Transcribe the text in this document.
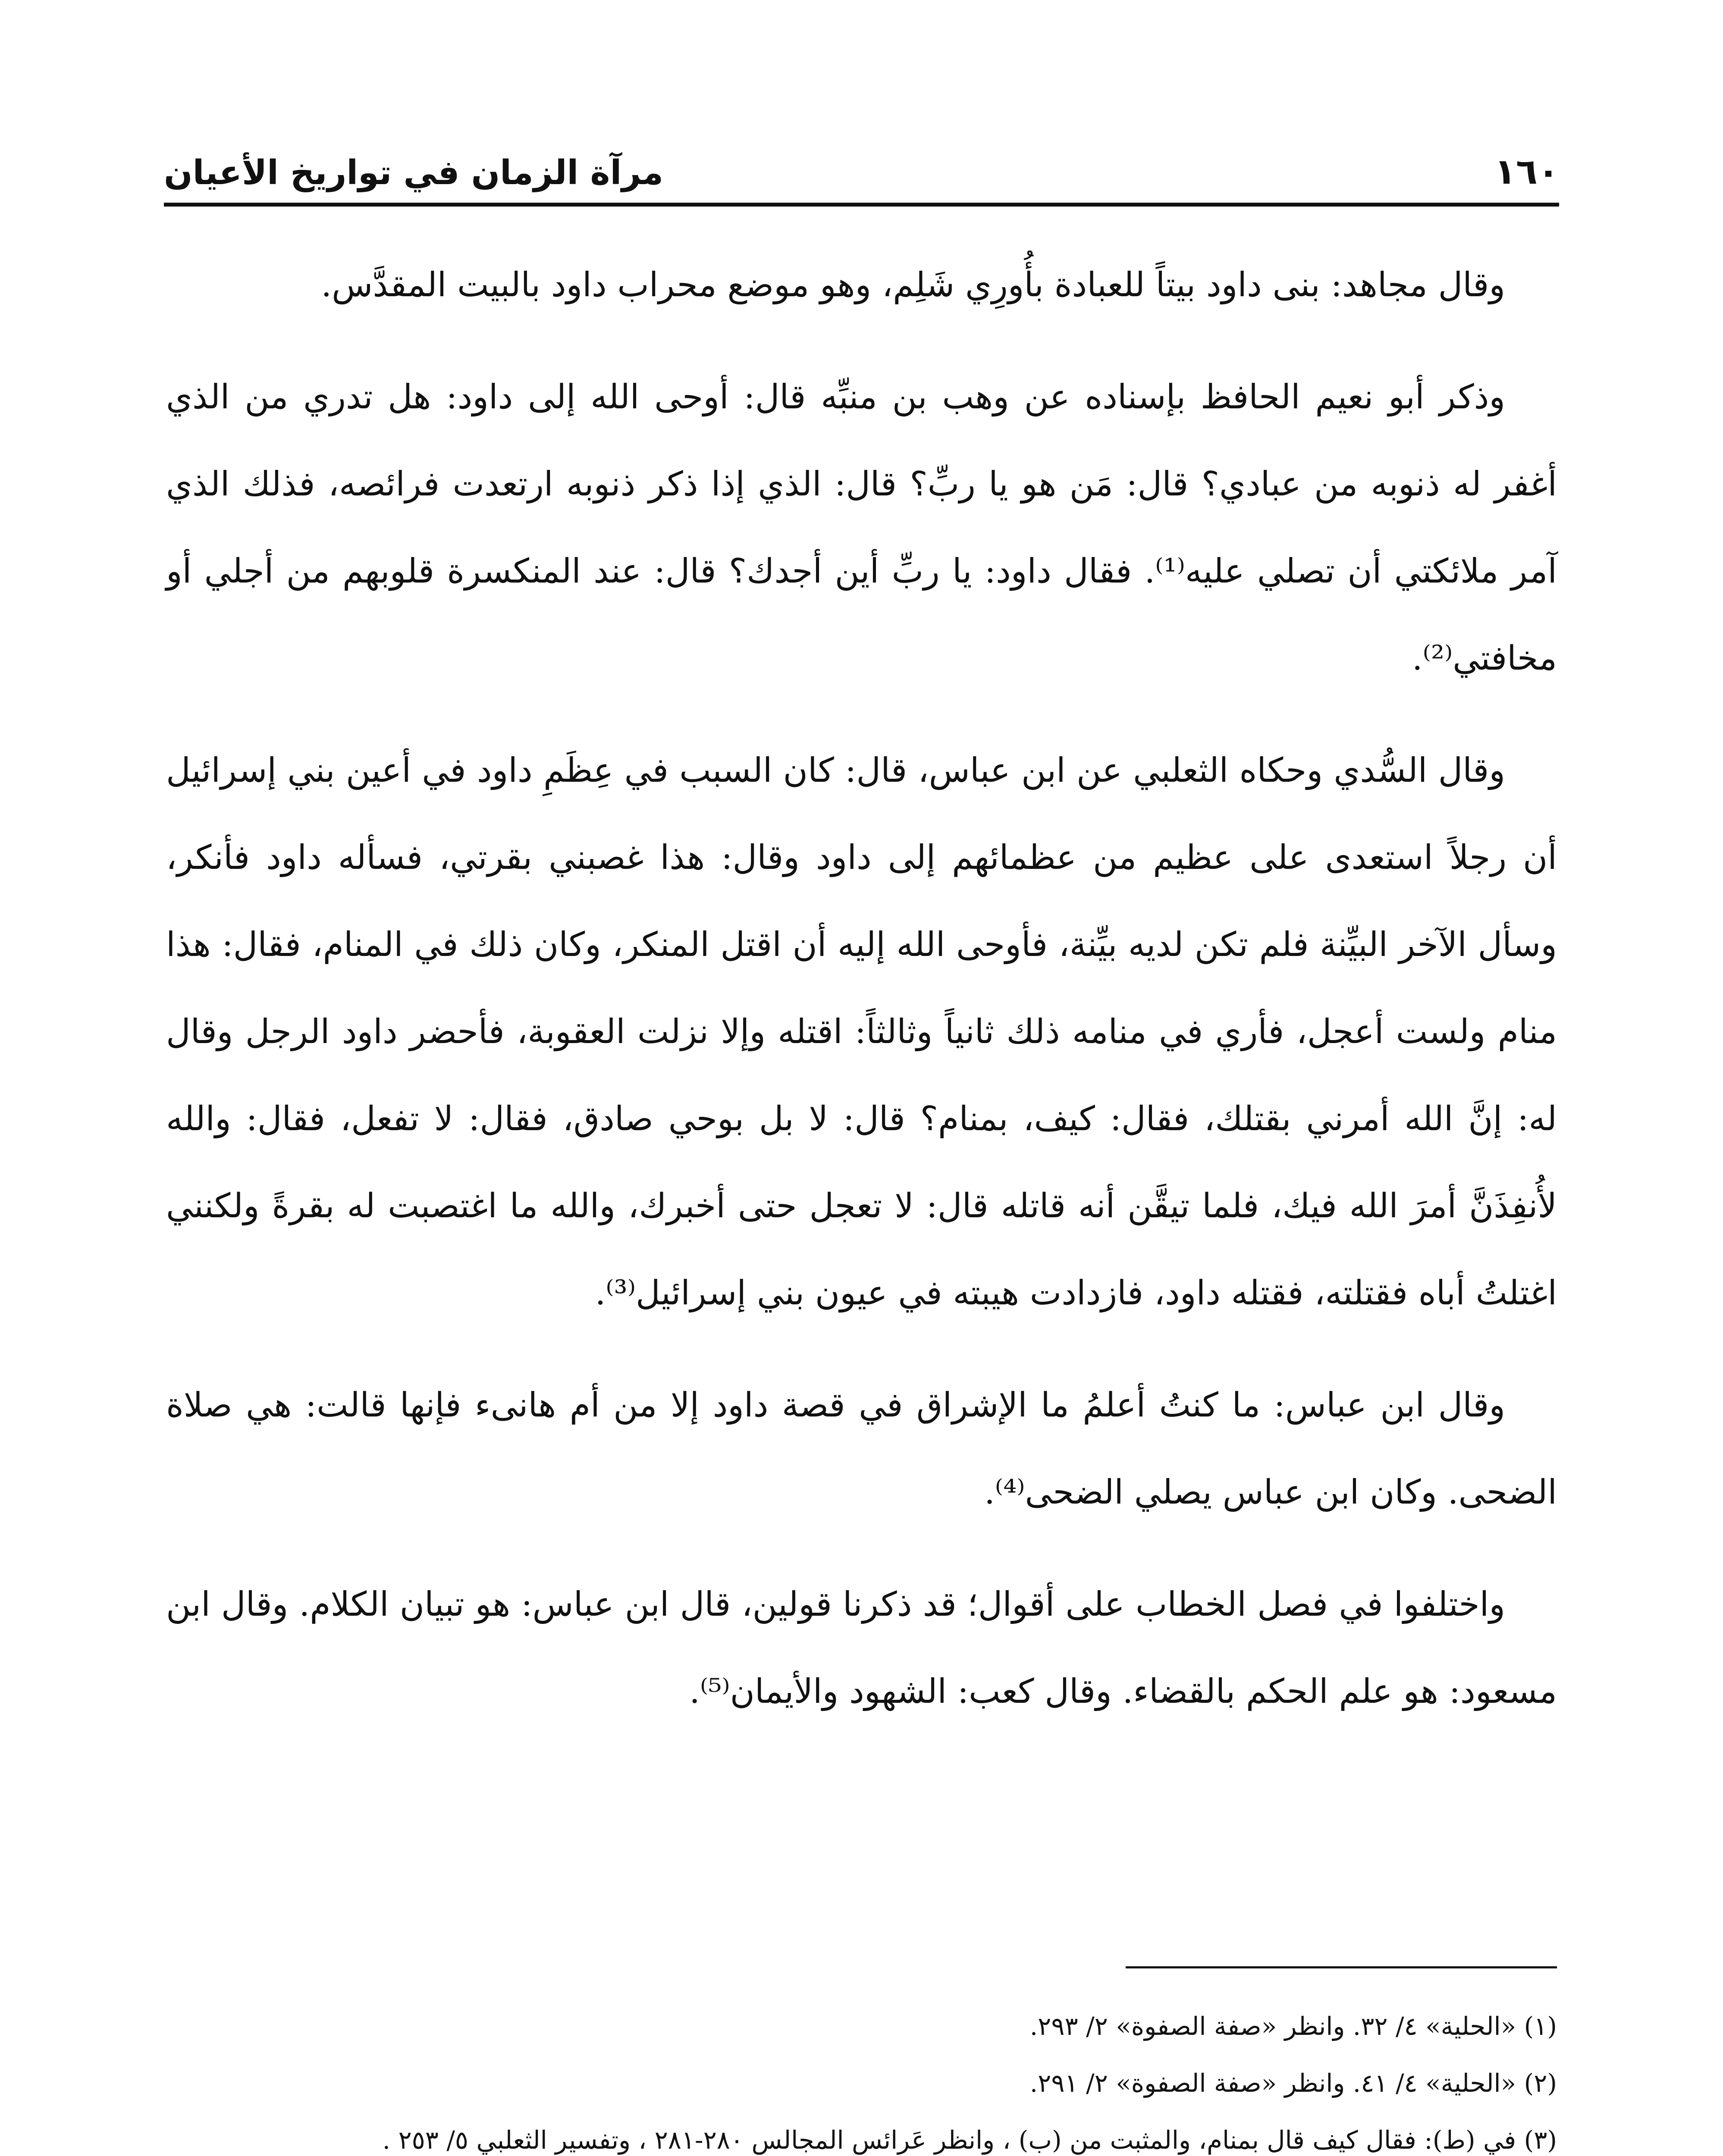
١٦٠
مرآة الزمان في تواريخ الأعيان

وقال مجاهد: بنى داود بيتاً للعبادة بأُورِي شَلِم، وهو موضع محراب داود بالبيت المقدَّس.

وذكر أبو نعيم الحافظ بإسناده عن وهب بن منبِّه قال: أوحى الله إلى داود: هل تدري من الذي أغفر له ذنوبه من عبادي؟ قال: مَن هو يا ربِّ؟ قال: الذي إذا ذكر ذنوبه ارتعدت فرائصه، فذلك الذي آمر ملائكتي أن تصلي عليه⁽¹⁾. فقال داود: يا ربِّ أين أجدك؟ قال: عند المنكسرة قلوبهم من أجلي أو مخافتي⁽²⁾.

وقال السُّدي وحكاه الثعلبي عن ابن عباس، قال: كان السبب في عِظَمِ داود في أعين بني إسرائيل أن رجلاً استعدى على عظيم من عظمائهم إلى داود وقال: هذا غصبني بقرتي، فسأله داود فأنكر، وسأل الآخر البيِّنة فلم تكن لديه بيِّنة، فأوحى الله إليه أن اقتل المنكر، وكان ذلك في المنام، فقال: هذا منام ولست أعجل، فأري في منامه ذلك ثانياً وثالثاً: اقتله وإلا نزلت العقوبة، فأحضر داود الرجل وقال له: إنَّ الله أمرني بقتلك، فقال: كيف، بمنام؟ قال: لا بل بوحي صادق، فقال: لا تفعل، فقال: والله لأُنفِذَنَّ أمرَ الله فيك، فلما تيقَّن أنه قاتله قال: لا تعجل حتى أخبرك، والله ما اغتصبت له بقرةً ولكنني اغتلتُ أباه فقتلته، فقتله داود، فازدادت هيبته في عيون بني إسرائيل⁽³⁾.

وقال ابن عباس: ما كنتُ أعلمُ ما الإشراق في قصة داود إلا من أم هانىء فإنها قالت: هي صلاة الضحى. وكان ابن عباس يصلي الضحى⁽⁴⁾.

واختلفوا في فصل الخطاب على أقوال؛ قد ذكرنا قولين، قال ابن عباس: هو تبيان الكلام. وقال ابن مسعود: هو علم الحكم بالقضاء. وقال كعب: الشهود والأيمان⁽⁵⁾.

(١) «الحلية» ٤/ ٣٢. وانظر «صفة الصفوة» ٢/ ٢٩٣.

(٢) «الحلية» ٤/ ٤١. وانظر «صفة الصفوة» ٢/ ٢٩١.

(٣) في (ط): فقال كيف قال بمنام، والمثبت من (ب) ، وانظر عَرائس المجالس ٢٨٠-٢٨١ ، وتفسير الثعلبي ٥/ ٢٥٣ .
